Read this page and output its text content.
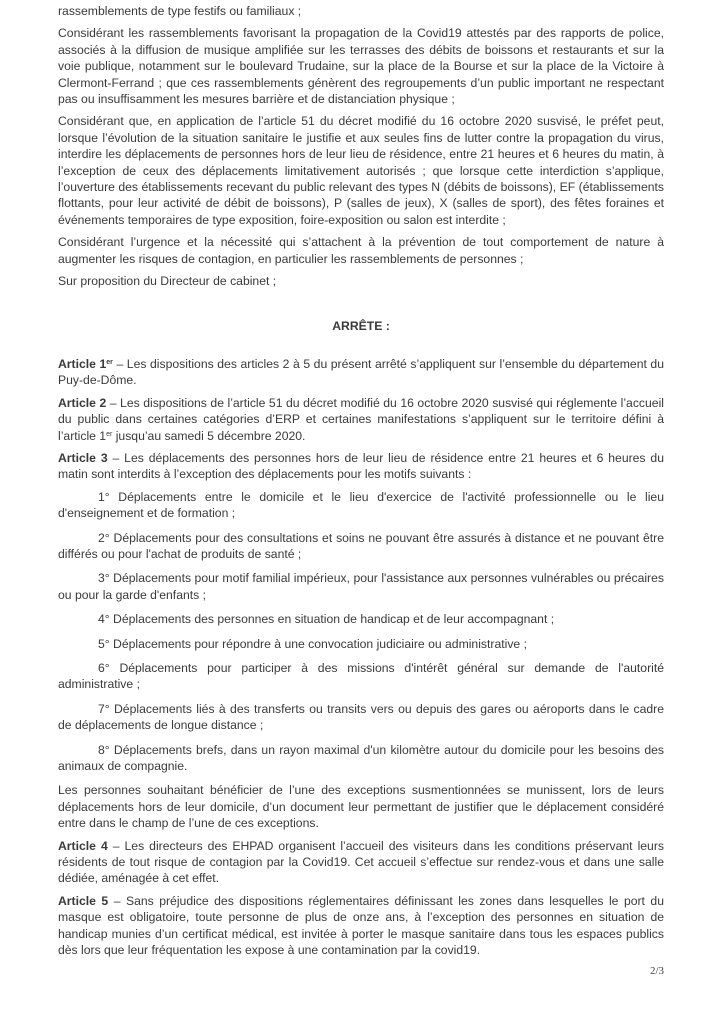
rassemblements de type festifs ou familiaux ;

Considérant les rassemblements favorisant la propagation de la Covid19 attestés par des rapports de police, associés à la diffusion de musique amplifiée sur les terrasses des débits de boissons et restaurants et sur la voie publique, notamment sur le boulevard Trudaine, sur la place de la Bourse et sur la place de la Victoire à Clermont-Ferrand ; que ces rassemblements génèrent des regroupements d’un public important ne respectant pas ou insuffisamment les mesures barrière et de distanciation physique ;

Considérant que, en application de l’article 51 du décret modifié du 16 octobre 2020 susvisé, le préfet peut, lorsque l’évolution de la situation sanitaire le justifie et aux seules fins de lutter contre la propagation du virus, interdire les déplacements de personnes hors de leur lieu de résidence, entre 21 heures et 6 heures du matin, à l’exception de ceux des déplacements limitativement autorisés ; que lorsque cette interdiction s’applique, l’ouverture des établissements recevant du public relevant des types N (débits de boissons), EF (établissements flottants, pour leur activité de débit de boissons), P (salles de jeux), X (salles de sport), des fêtes foraines et événements temporaires de type exposition, foire-exposition ou salon est interdite ;

Considérant l’urgence et la nécessité qui s’attachent à la prévention de tout comportement de nature à augmenter les risques de contagion, en particulier les rassemblements de personnes ;

Sur proposition du Directeur de cabinet ;

ARRÊTE :

Article 1er – Les dispositions des articles 2 à 5 du présent arrêté s’appliquent sur l’ensemble du département du Puy-de-Dôme.

Article 2 – Les dispositions de l’article 51 du décret modifié du 16 octobre 2020 susvisé qui réglemente l’accueil du public dans certaines catégories d’ERP et certaines manifestations s’appliquent sur le territoire défini à l’article 1er jusqu’au samedi 5 décembre 2020.

Article 3 – Les déplacements des personnes hors de leur lieu de résidence entre 21 heures et 6 heures du matin sont interdits à l’exception des déplacements pour les motifs suivants :

1° Déplacements entre le domicile et le lieu d'exercice de l'activité professionnelle ou le lieu d'enseignement et de formation ;

2° Déplacements pour des consultations et soins ne pouvant être assurés à distance et ne pouvant être différés ou pour l'achat de produits de santé ;

3° Déplacements pour motif familial impérieux, pour l'assistance aux personnes vulnérables ou précaires ou pour la garde d'enfants ;

4° Déplacements des personnes en situation de handicap et de leur accompagnant ;

5° Déplacements pour répondre à une convocation judiciaire ou administrative ;

6° Déplacements pour participer à des missions d'intérêt général sur demande de l'autorité administrative ;

7° Déplacements liés à des transferts ou transits vers ou depuis des gares ou aéroports dans le cadre de déplacements de longue distance ;

8° Déplacements brefs, dans un rayon maximal d'un kilomètre autour du domicile pour les besoins des animaux de compagnie.

Les personnes souhaitant bénéficier de l’une des exceptions susmentionnées se munissent, lors de leurs déplacements hors de leur domicile, d’un document leur permettant de justifier que le déplacement considéré entre dans le champ de l’une de ces exceptions.

Article 4 – Les directeurs des EHPAD organisent l’accueil des visiteurs dans les conditions préservant leurs résidents de tout risque de contagion par la Covid19. Cet accueil s’effectue sur rendez-vous et dans une salle dédiée, aménagée à cet effet.

Article 5 – Sans préjudice des dispositions réglementaires définissant les zones dans lesquelles le port du masque est obligatoire, toute personne de plus de onze ans, à l’exception des personnes en situation de handicap munies d’un certificat médical, est invitée à porter le masque sanitaire dans tous les espaces publics dès lors que leur fréquentation les expose à une contamination par la covid19.

2/3
